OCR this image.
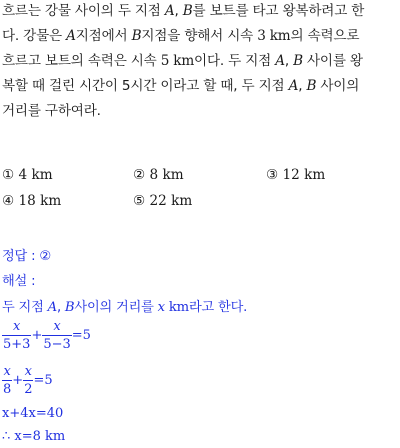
흐르는 강물 사이의 두 지점 A, B를 보트를 타고 왕복하려고 한
다. 강물은 A지점에서 B지점을 향해서 시속 3 km의 속력으로
흐르고 보트의 속력은 시속 5 km이다. 두 지점 A, B 사이를 왕
복할 때 걸린 시간이 5시간 이라고 할 때, 두 지점 A, B 사이의
거리를 구하여라.
① 4 km	② 8 km	③ 12 km
④ 18 km	⑤ 22 km
정답 : ②
해설 :
두 지점 A, B사이의 거리를 x km라고 한다.
$\frac{x}{5+3} + \frac{x}{5-3} =5$
$\frac{x}{8} + \frac{x}{2} =5$
x+4x=40
∴ x=8 km
